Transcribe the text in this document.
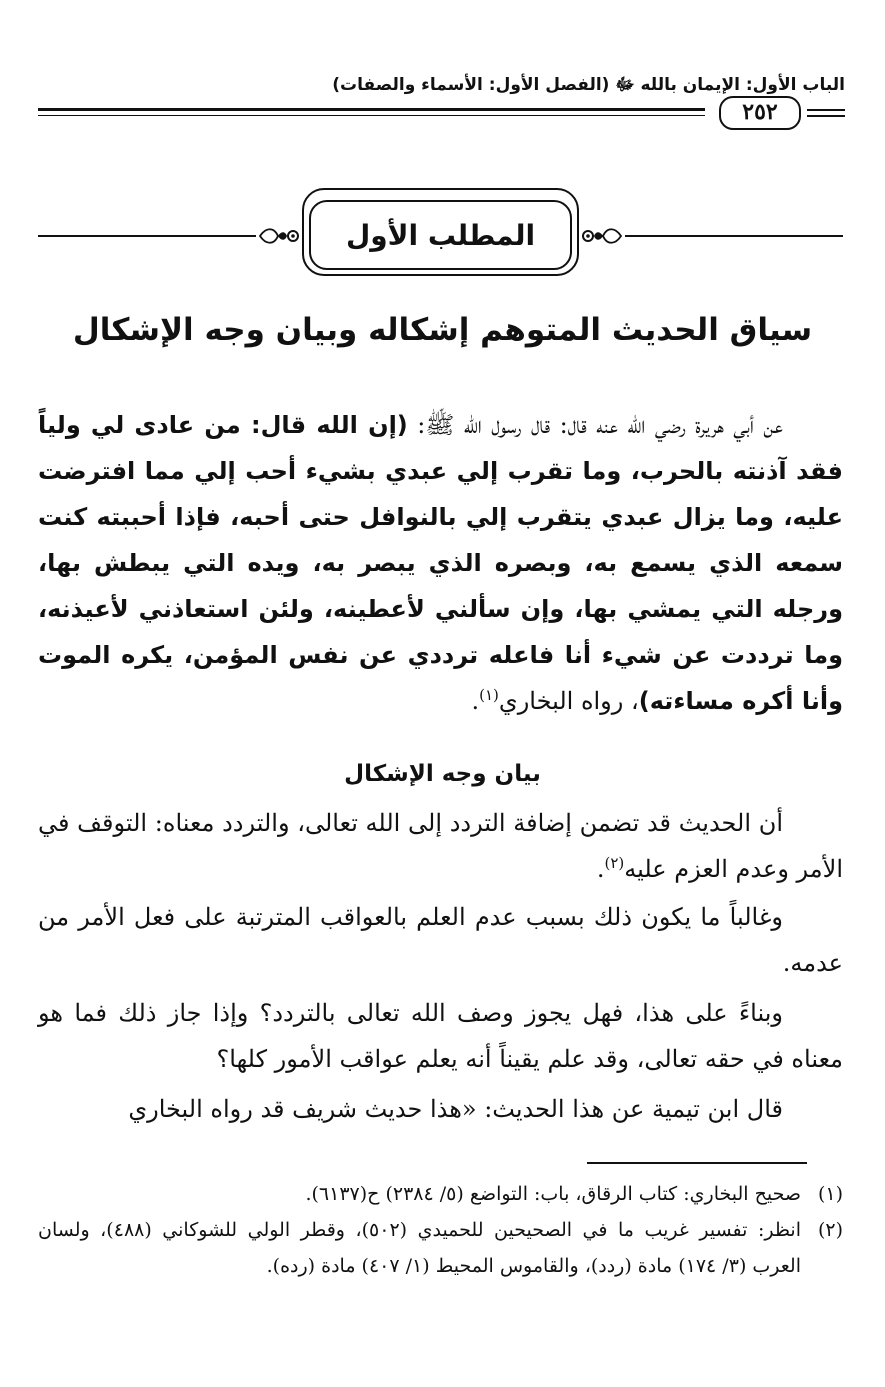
الباب الأول: الإيمان بالله ﷻ (الفصل الأول: الأسماء والصفات)
٢٥٢
المطلب الأول
سياق الحديث المتوهم إشكاله وبيان وجه الإشكال

عن أبي هريرة رضي الله عنه قال: قال رسول الله ﷺ: (إن الله قال: من عادى لي ولياً فقد آذنته بالحرب، وما تقرب إلي عبدي بشيء أحب إلي مما افترضت عليه، وما يزال عبدي يتقرب إلي بالنوافل حتى أحبه، فإذا أحببته كنت سمعه الذي يسمع به، وبصره الذي يبصر به، ويده التي يبطش بها، ورجله التي يمشي بها، وإن سألني لأعطينه، ولئن استعاذني لأعيذنه، وما ترددت عن شيء أنا فاعله ترددي عن نفس المؤمن، يكره الموت وأنا أكره مساءته)، رواه البخاري$^{(١)}$.

بيان وجه الإشكال

أن الحديث قد تضمن إضافة التردد إلى الله تعالى، والتردد معناه: التوقف في الأمر وعدم العزم عليه$^{(٢)}$.

وغالباً ما يكون ذلك بسبب عدم العلم بالعواقب المترتبة على فعل الأمر من عدمه.

وبناءً على هذا، فهل يجوز وصف الله تعالى بالتردد؟ وإذا جاز ذلك فما هو معناه في حقه تعالى، وقد علم يقيناً أنه يعلم عواقب الأمور كلها؟

قال ابن تيمية عن هذا الحديث: «هذا حديث شريف قد رواه البخاري

(١)
صحيح البخاري: كتاب الرقاق، باب: التواضع (٥/ ٢٣٨٤) ح(٦١٣٧).
(٢)
انظر: تفسير غريب ما في الصحيحين للحميدي (٥٠٢)، وقطر الولي للشوكاني (٤٨٨)، ولسان العرب (٣/ ١٧٤) مادة (ردد)، والقاموس المحيط (١/ ٤٠٧) مادة (رده).
